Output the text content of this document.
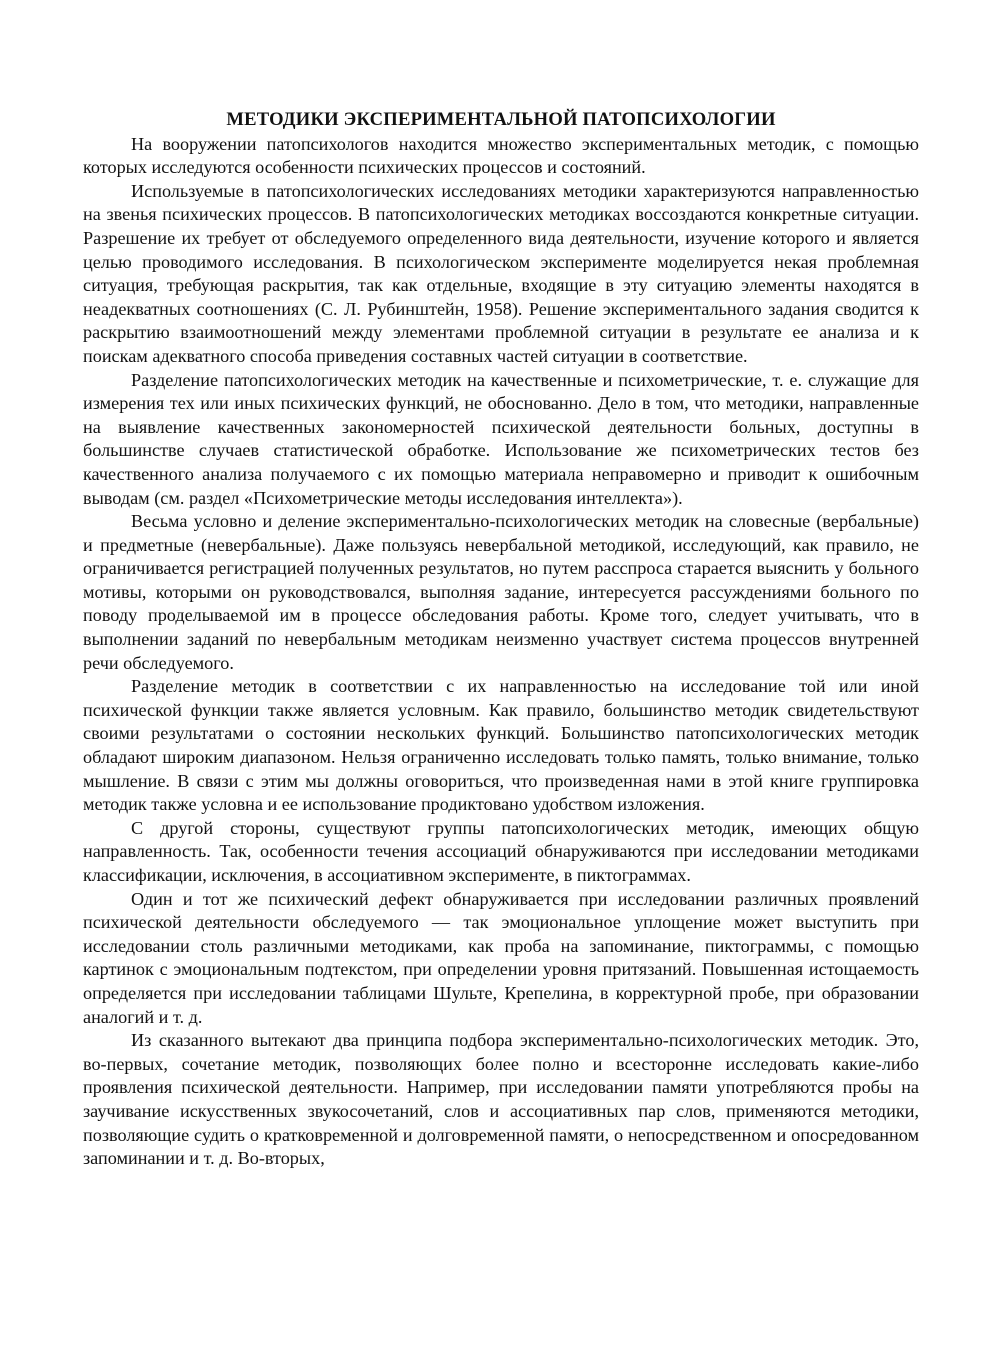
МЕТОДИКИ ЭКСПЕРИМЕНТАЛЬНОЙ ПАТОПСИХОЛОГИИ

На вооружении патопсихологов находится множество экспериментальных методик, с помощью которых исследуются особенности психических процессов и состояний.

Используемые в патопсихологических исследованиях методики характеризуются направленностью на звенья психических процессов. В патопсихологических методиках воссоздаются конкретные ситуации. Разрешение их требует от обследуемого определенного вида деятельности, изучение которого и является целью проводимого исследования. В психологическом эксперименте моделируется некая проблемная ситуация, требующая раскрытия, так как отдельные, входящие в эту ситуацию элементы находятся в неадекватных соотношениях (С. Л. Рубинштейн, 1958). Решение экспериментального задания сводится к раскрытию взаимоотношений между элементами проблемной ситуации в результате ее анализа и к поискам адекватного способа приведения составных частей ситуации в соответствие.

Разделение патопсихологических методик на качественные и психометрические, т. е. служащие для измерения тех или иных психических функций, не обоснованно. Дело в том, что методики, направленные на выявление качественных закономерностей психической деятельности больных, доступны в большинстве случаев статистической обработке. Использование же психометрических тестов без качественного анализа получаемого с их помощью материала неправомерно и приводит к ошибочным выводам (см. раздел «Психометрические методы исследования интеллекта»).

Весьма условно и деление экспериментально-психологических методик на словесные (вербальные) и предметные (невербальные). Даже пользуясь невербальной методикой, исследующий, как правило, не ограничивается регистрацией полученных результатов, но путем расспроса старается выяснить у больного мотивы, которыми он руководствовался, выполняя задание, интересуется рассуждениями больного по поводу проделываемой им в процессе обследования работы. Кроме того, следует учитывать, что в выполнении заданий по невербальным методикам неизменно участвует система процессов внутренней речи обследуемого.

Разделение методик в соответствии с их направленностью на исследование той или иной психической функции также является условным. Как правило, большинство методик свидетельствуют своими результатами о состоянии нескольких функций. Большинство патопсихологических методик обладают широким диапазоном. Нельзя ограниченно исследовать только память, только внимание, только мышление. В связи с этим мы должны оговориться, что произведенная нами в этой книге группировка методик также условна и ее использование продиктовано удобством изложения.

С другой стороны, существуют группы патопсихологических методик, имеющих общую направленность. Так, особенности течения ассоциаций обнаруживаются при исследовании методиками классификации, исключения, в ассоциативном эксперименте, в пиктограммах.

Один и тот же психический дефект обнаруживается при исследовании различных проявлений психической деятельности обследуемого — так эмоциональное уплощение может выступить при исследовании столь различными методиками, как проба на запоминание, пиктограммы, с помощью картинок с эмоциональным подтекстом, при определении уровня притязаний. Повышенная истощаемость определяется при исследовании таблицами Шульте, Крепелина, в корректурной пробе, при образовании аналогий и т. д.

Из сказанного вытекают два принципа подбора экспериментально-психологических методик. Это, во-первых, сочетание методик, позволяющих более полно и всесторонне исследовать какие-либо проявления психической деятельности. Например, при исследовании памяти употребляются пробы на заучивание искусственных звукосочетаний, слов и ассоциативных пар слов, применяются методики, позволяющие судить о кратковременной и долговременной памяти, о непосредственном и опосредованном запоминании и т. д. Во-вторых,
